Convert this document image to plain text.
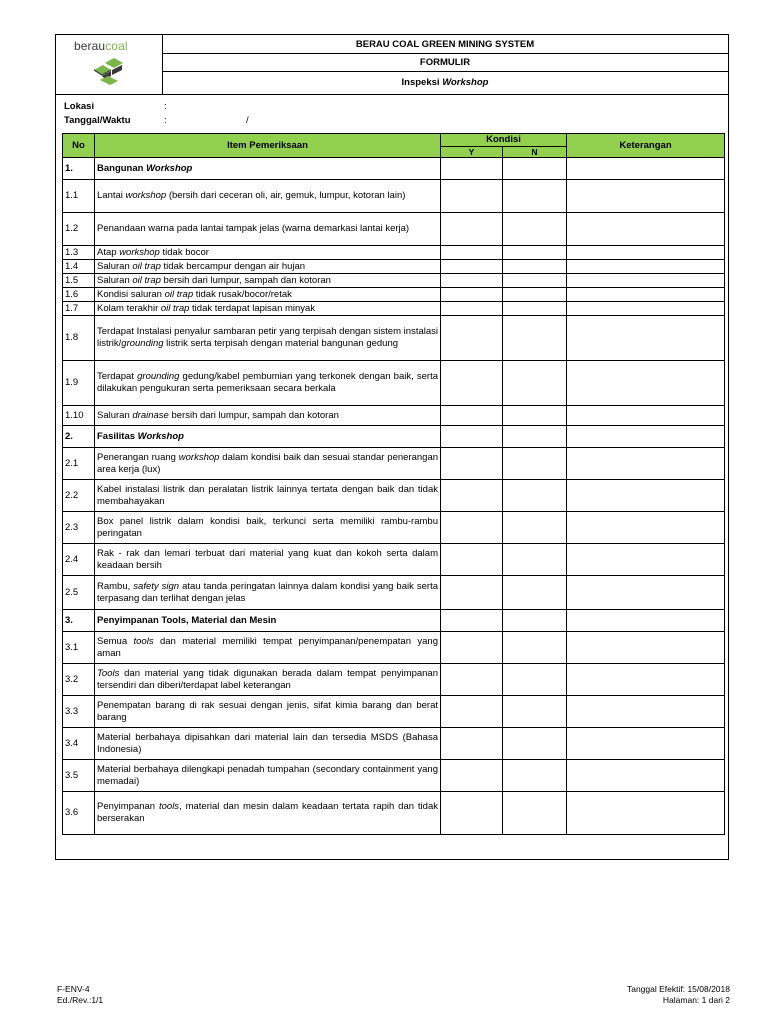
beraucoal	BERAU COAL GREEN MINING SYSTEM
FORMULIR
Inspeksi Workshop
Lokasi	:
Tanggal/Waktu	:	/
No	Item Pemeriksaan	Kondisi		Keterangan
		Y	N	
1.	Bangunan Workshop			
1.1	Lantai workshop (bersih dari ceceran oli, air, gemuk, lumpur, kotoran lain)			
1.2	Penandaan warna pada lantai tampak jelas (warna demarkasi lantai kerja)			
1.3	Atap workshop tidak bocor			
1.4	Saluran oil trap tidak bercampur dengan air hujan			
1.5	Saluran oil trap bersih dari lumpur, sampah dan kotoran			
1.6	Kondisi saluran oil trap tidak rusak/bocor/retak			
1.7	Kolam terakhir oil trap tidak terdapat lapisan minyak			
1.8	Terdapat Instalasi penyalur sambaran petir yang terpisah dengan sistem instalasi listrik/grounding listrik serta terpisah dengan material bangunan gedung			
1.9	Terdapat grounding gedung/kabel pembumian yang terkonek dengan baik, serta dilakukan pengukuran serta pemeriksaan secara berkala			
1.10	Saluran drainase bersih dari lumpur, sampah dan kotoran			
2.	Fasilitas Workshop			
2.1	Penerangan ruang workshop dalam kondisi baik dan sesuai standar penerangan area kerja (lux)			
2.2	Kabel instalasi listrik dan peralatan listrik lainnya tertata dengan baik dan tidak membahayakan			
2.3	Box panel listrik dalam kondisi baik, terkunci serta memiliki rambu-rambu peringatan			
2.4	Rak - rak dan lemari terbuat dari material yang kuat dan kokoh serta dalam keadaan bersih			
2.5	Rambu, safety sign atau tanda peringatan lainnya dalam kondisi yang baik serta terpasang dan terlihat dengan jelas			
3.	Penyimpanan Tools, Material dan Mesin			
3.1	Semua tools dan material memiliki tempat penyimpanan/penempatan yang aman			
3.2	Tools dan material yang tidak digunakan berada dalam tempat penyimpanan tersendiri dan diberi/terdapat label keterangan			
3.3	Penempatan barang di rak sesuai dengan jenis, sifat kimia barang dan berat barang			
3.4	Material berbahaya dipisahkan dari material lain dan tersedia MSDS (Bahasa Indonesia)			
3.5	Material berbahaya dilengkapi penadah tumpahan (secondary containment yang memadai)			
3.6	Penyimpanan tools, material dan mesin dalam keadaan tertata rapih dan tidak berserakan			
F-ENV-4
Ed./Rev.:1/1
Tanggal Efektif: 15/08/2018
Halaman: 1 dari 2
